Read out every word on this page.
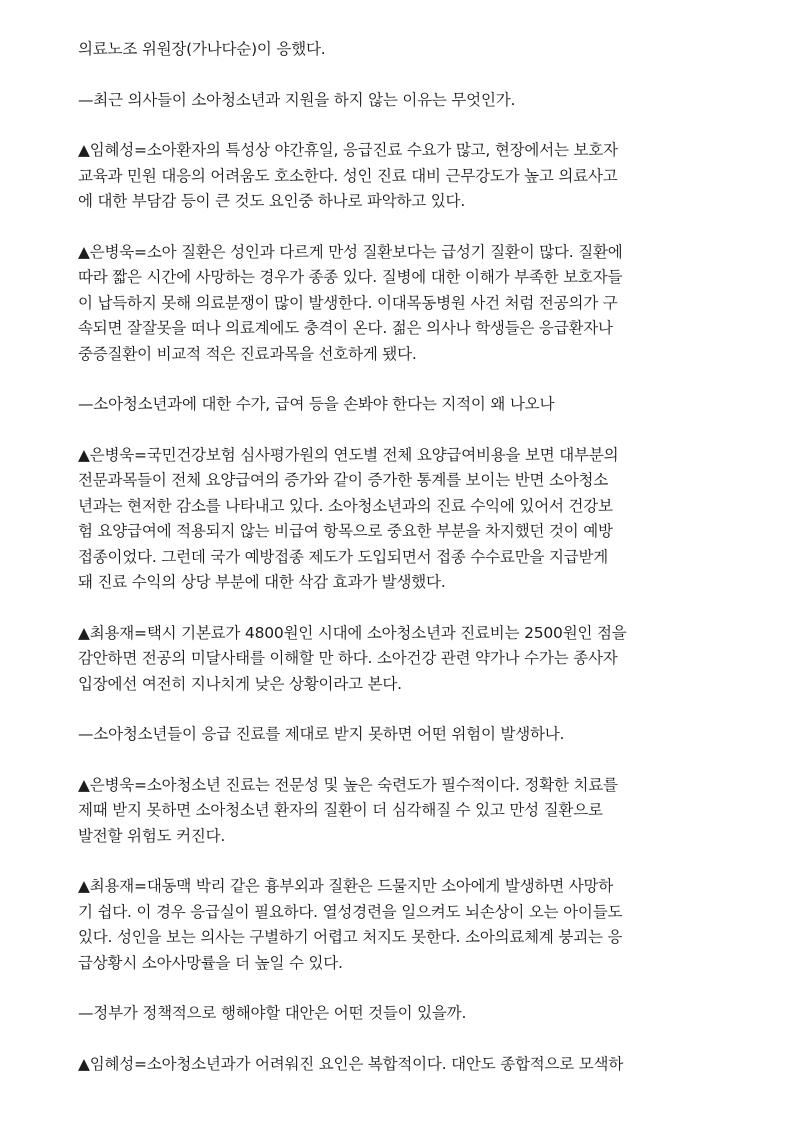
의료노조 위원장(가나다순)이 응했다.
—최근 의사들이 소아청소년과 지원을 하지 않는 이유는 무엇인가.
▲임혜성=소아환자의 특성상 야간휴일, 응급진료 수요가 많고, 현장에서는 보호자
교육과 민원 대응의 어려움도 호소한다. 성인 진료 대비 근무강도가 높고 의료사고
에 대한 부담감 등이 큰 것도 요인중 하나로 파악하고 있다.
▲은병욱=소아 질환은 성인과 다르게 만성 질환보다는 급성기 질환이 많다. 질환에
따라 짧은 시간에 사망하는 경우가 종종 있다. 질병에 대한 이해가 부족한 보호자들
이 납득하지 못해 의료분쟁이 많이 발생한다. 이대목동병원 사건 처럼 전공의가 구
속되면 잘잘못을 떠나 의료계에도 충격이 온다. 젊은 의사나 학생들은 응급환자나
중증질환이 비교적 적은 진료과목을 선호하게 됐다.
—소아청소년과에 대한 수가, 급여 등을 손봐야 한다는 지적이 왜 나오나
▲은병욱=국민건강보험 심사평가원의 연도별 전체 요양급여비용을 보면 대부분의
전문과목들이 전체 요양급여의 증가와 같이 증가한 통계를 보이는 반면 소아청소
년과는 현저한 감소를 나타내고 있다. 소아청소년과의 진료 수익에 있어서 건강보
험 요양급여에 적용되지 않는 비급여 항목으로 중요한 부분을 차지했던 것이 예방
접종이었다. 그런데 국가 예방접종 제도가 도입되면서 접종 수수료만을 지급받게
돼 진료 수익의 상당 부분에 대한 삭감 효과가 발생했다.
▲최용재=택시 기본료가 4800원인 시대에 소아청소년과 진료비는 2500원인 점을
감안하면 전공의 미달사태를 이해할 만 하다. 소아건강 관련 약가나 수가는 종사자
입장에선 여전히 지나치게 낮은 상황이라고 본다.
—소아청소년들이 응급 진료를 제대로 받지 못하면 어떤 위험이 발생하나.
▲은병욱=소아청소년 진료는 전문성 및 높은 숙련도가 필수적이다. 정확한 치료를
제때 받지 못하면 소아청소년 환자의 질환이 더 심각해질 수 있고 만성 질환으로
발전할 위험도 커진다.
▲최용재=대동맥 박리 같은 흉부외과 질환은 드물지만 소아에게 발생하면 사망하
기 쉽다. 이 경우 응급실이 필요하다. 열성경련을 일으켜도 뇌손상이 오는 아이들도
있다. 성인을 보는 의사는 구별하기 어렵고 처지도 못한다. 소아의료체계 붕괴는 응
급상황시 소아사망률을 더 높일 수 있다.
—정부가 정책적으로 행해야할 대안은 어떤 것들이 있을까.
▲임혜성=소아청소년과가 어려워진 요인은 복합적이다. 대안도 종합적으로 모색하
